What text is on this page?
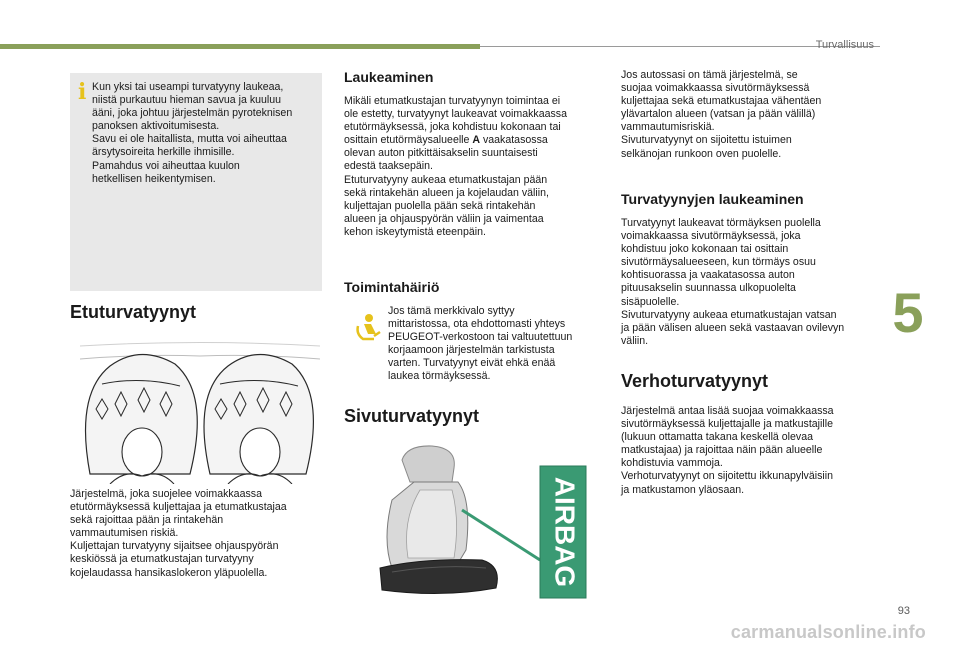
Turvallisuus
5
i Kun yksi tai useampi turvatyyny laukeaa,
niistä purkautuu hieman savua ja kuuluu
ääni, joka johtuu järjestelmän pyroteknisen
panoksen aktivoitumisesta.
Savu ei ole haitallista, mutta voi aiheuttaa
ärsytysoireita herkille ihmisille.
Pamahdus voi aiheuttaa kuulon
hetkellisen heikentymisen.

Etuturvatyynyt

Järjestelmä, joka suojelee voimakkaassa
etutörmäyksessä kuljettajaa ja etumatkustajaa
sekä rajoittaa pään ja rintakehän
vammautumisen riskiä.
Kuljettajan turvatyyny sijaitsee ohjauspyörän
keskiössä ja etumatkustajan turvatyyny
kojelaudassa hansikaslokeron yläpuolella.

Laukeaminen

Mikäli etumatkustajan turvatyynyn toimintaa ei
ole estetty, turvatyynyt laukeavat voimakkaassa
etutörmäyksessä, joka kohdistuu kokonaan tai
osittain etutörmäysalueelle A vaakatasossa
olevan auton pitkittäisakselin suuntaisesti
edestä taaksepäin.
Etuturvatyyny aukeaa etumatkustajan pään
sekä rintakehän alueen ja kojelaudan väliin,
kuljettajan puolella pään sekä rintakehän
alueen ja ohjauspyörän väliin ja vaimentaa
kehon iskeytymistä eteenpäin.

Toimintahäiriö

Jos tämä merkkivalo syttyy
mittaristossa, ota ehdottomasti yhteys
PEUGEOT-verkostoon tai valtuutettuun
korjaamoon järjestelmän tarkistusta
varten. Turvatyynyt eivät ehkä enää
laukea törmäyksessä.

Sivuturvatyynyt
AIRBAG

Jos autossasi on tämä järjestelmä, se
suojaa voimakkaassa sivutörmäyksessä
kuljettajaa sekä etumatkustajaa vähentäen
ylävartalon alueen (vatsan ja pään välillä)
vammautumisriskiä.
Sivuturvatyynyt on sijoitettu istuimen
selkänojan runkoon oven puolelle.

Turvatyynyjen laukeaminen

Turvatyynyt laukeavat törmäyksen puolella
voimakkaassa sivutörmäyksessä, joka
kohdistuu joko kokonaan tai osittain
sivutörmäysalueeseen, kun törmäys osuu
kohtisuorassa ja vaakatasossa auton
pituusakselin suunnassa ulkopuolelta
sisäpuolelle.
Sivuturvatyyny aukeaa etumatkustajan vatsan
ja pään välisen alueen sekä vastaavan ovilevyn
väliin.

Verhoturvatyynyt

Järjestelmä antaa lisää suojaa voimakkaassa
sivutörmäyksessä kuljettajalle ja matkustajille
(lukuun ottamatta takana keskellä olevaa
matkustajaa) ja rajoittaa näin pään alueelle
kohdistuvia vammoja.
Verhoturvatyynyt on sijoitettu ikkunapylväisiin
ja matkustamon yläosaan.

93
carmanualsonline.info
